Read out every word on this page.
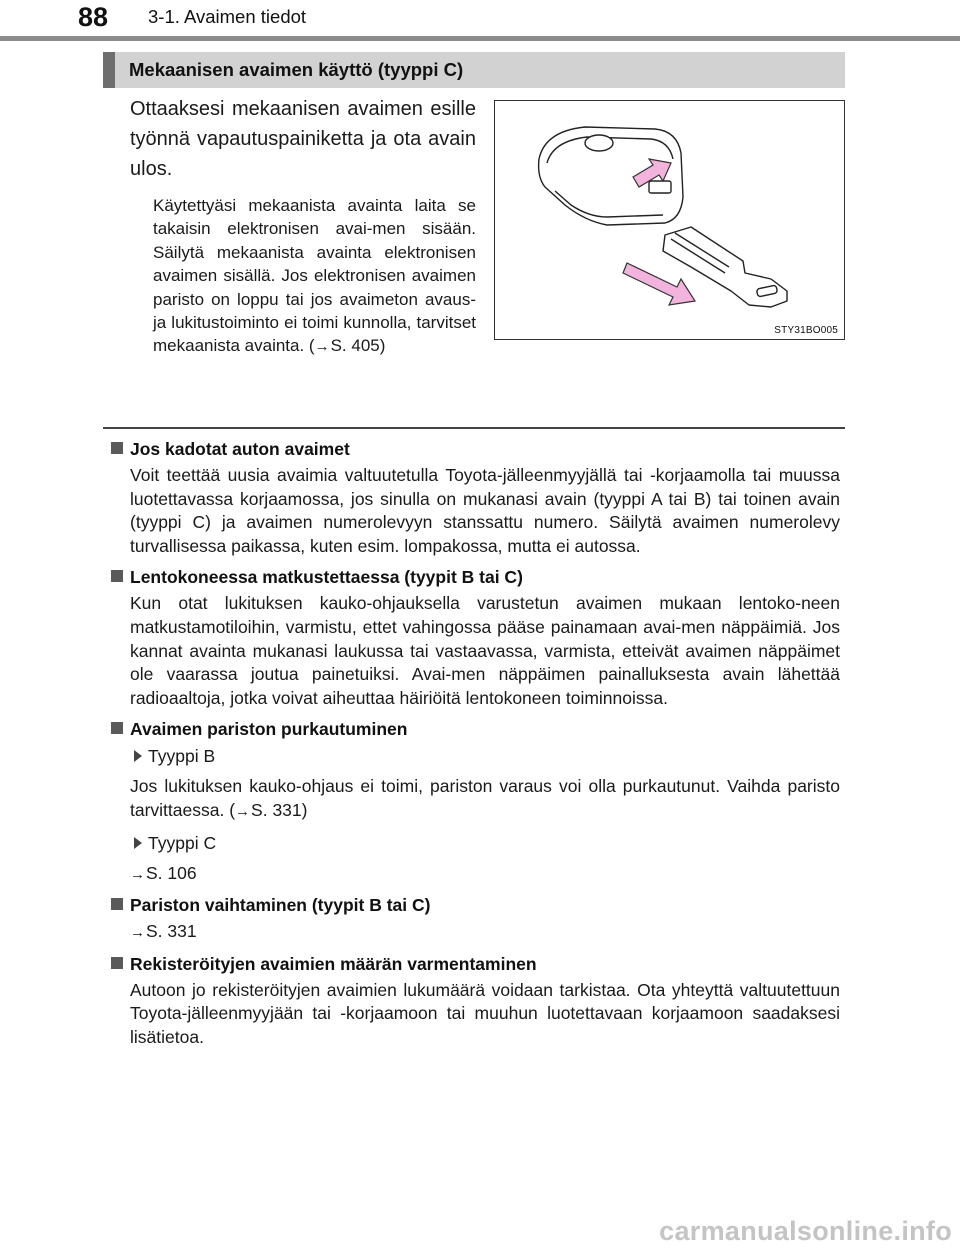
88 3-1. Avaimen tiedot
Mekaanisen avaimen käyttö (tyyppi C)
Ottaaksesi mekaanisen avaimen esille työnnä vapautuspainiketta ja ota avain ulos.
Käytettyäsi mekaanista avainta laita se takaisin elektronisen avai-men sisään. Säilytä mekaanista avainta elektronisen avaimen sisällä. Jos elektronisen avaimen paristo on loppu tai jos avaimeton avaus- ja lukitustoiminto ei toimi kunnolla, tarvitset mekaanista avainta. (→S. 405)
STY31BO005
Jos kadotat auton avaimet

Voit teettää uusia avaimia valtuutetulla Toyota-jälleenmyyjällä tai -korjaamolla tai muussa luotettavassa korjaamossa, jos sinulla on mukanasi avain (tyyppi A tai B) tai toinen avain (tyyppi C) ja avaimen numerolevyyn stanssattu numero. Säilytä avaimen numerolevy turvallisessa paikassa, kuten esim. lompakossa, mutta ei autossa.

Lentokoneessa matkustettaessa (tyypit B tai C)

Kun otat lukituksen kauko-ohjauksella varustetun avaimen mukaan lentoko-neen matkustamotiloihin, varmistu, ettet vahingossa pääse painamaan avai-men näppäimiä. Jos kannat avainta mukanasi laukussa tai vastaavassa, varmista, etteivät avaimen näppäimet ole vaarassa joutua painetuiksi. Avai-men näppäimen painalluksesta avain lähettää radioaaltoja, jotka voivat aiheuttaa häiriöitä lentokoneen toiminnoissa.

Avaimen pariston purkautuminen
Tyyppi B

Jos lukituksen kauko-ohjaus ei toimi, pariston varaus voi olla purkautunut. Vaihda paristo tarvittaessa. (→S. 331)

Tyyppi C

→S. 106

Pariston vaihtaminen (tyypit B tai C)

→S. 331

Rekisteröityjen avaimien määrän varmentaminen

Autoon jo rekisteröityjen avaimien lukumäärä voidaan tarkistaa. Ota yhteyttä valtuutettuun Toyota-jälleenmyyjään tai -korjaamoon tai muuhun luotettavaan korjaamoon saadaksesi lisätietoa.

carmanualsonline.info
